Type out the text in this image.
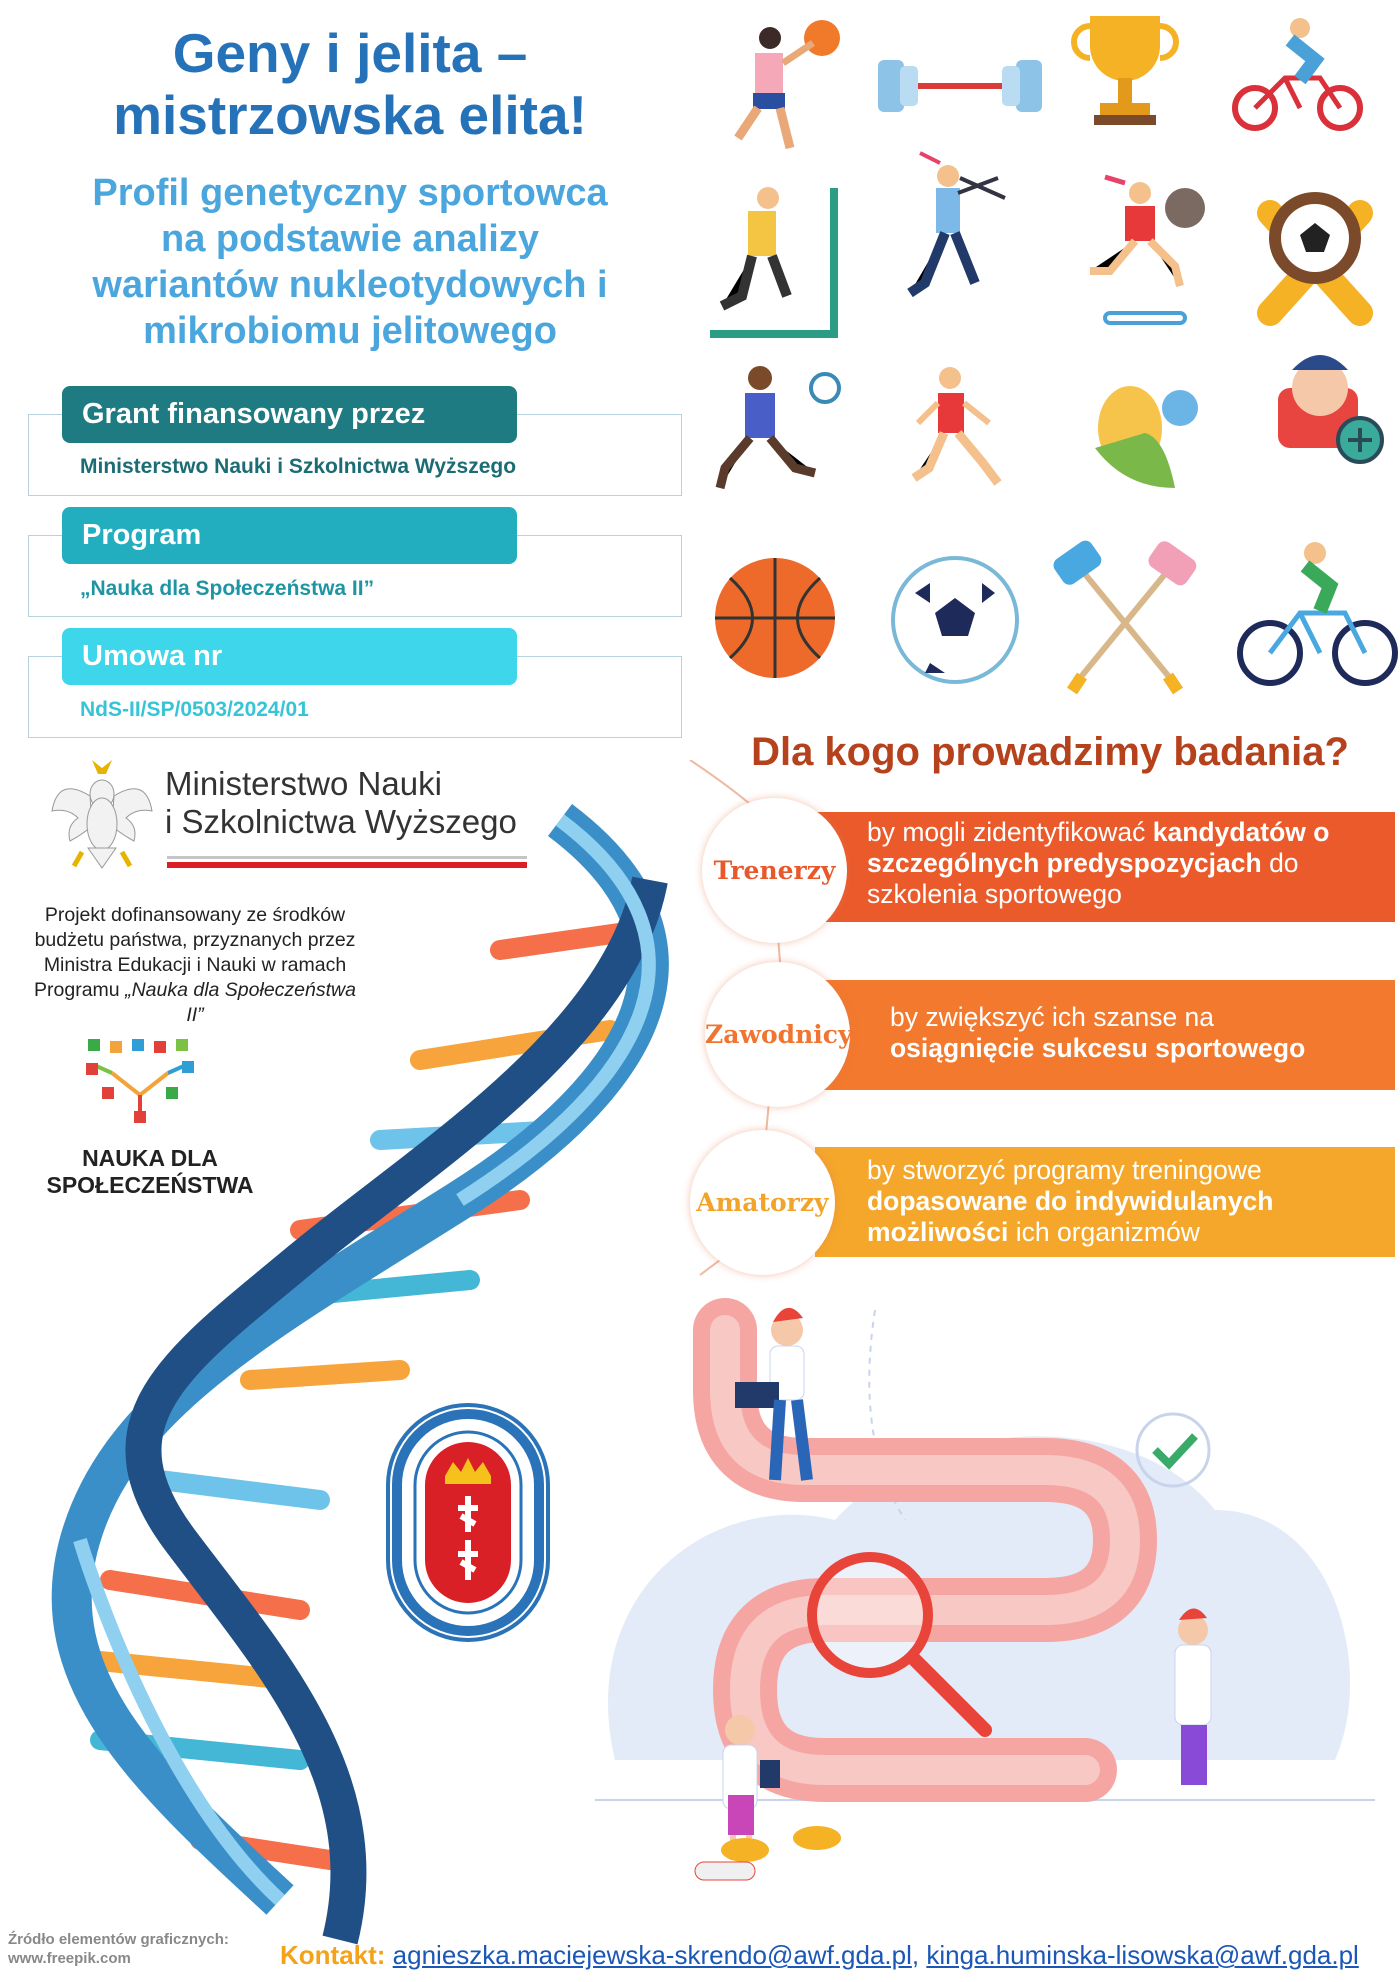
Geny i jelita –
mistrzowska elita!
Profil genetyczny sportowca
na podstawie analizy
wariantów nukleotydowych i
mikrobiomu jelitowego
Grant finansowany przez
Ministerstwo Nauki i Szkolnictwa Wyższego
Program
„Nauka dla Społeczeństwa II”
Umowa nr
NdS-II/SP/0503/2024/01
Ministerstwo Nauki
i Szkolnictwa Wyższego
Projekt dofinansowany ze środków
budżetu państwa, przyznanych przez
Ministra Edukacji i Nauki w ramach
Programu „Nauka dla Społeczeństwa II”
NAUKA DLA
SPOŁECZEŃSTWA
Dla kogo prowadzimy badania?
by mogli zidentyfikować kandydatów o
szczególnych predyspozycjach do
szkolenia sportowego
Trenerzy
by zwiększyć ich szanse na
osiągnięcie sukcesu sportowego
Zawodnicy
by stworzyć programy treningowe
dopasowane do indywidulanych
możliwości ich organizmów
Amatorzy
Źródło elementów graficznych:
www.freepik.com	Kontakt: agnieszka.maciejewska-skrendo@awf.gda.pl, kinga.huminska-lisowska@awf.gda.pl
